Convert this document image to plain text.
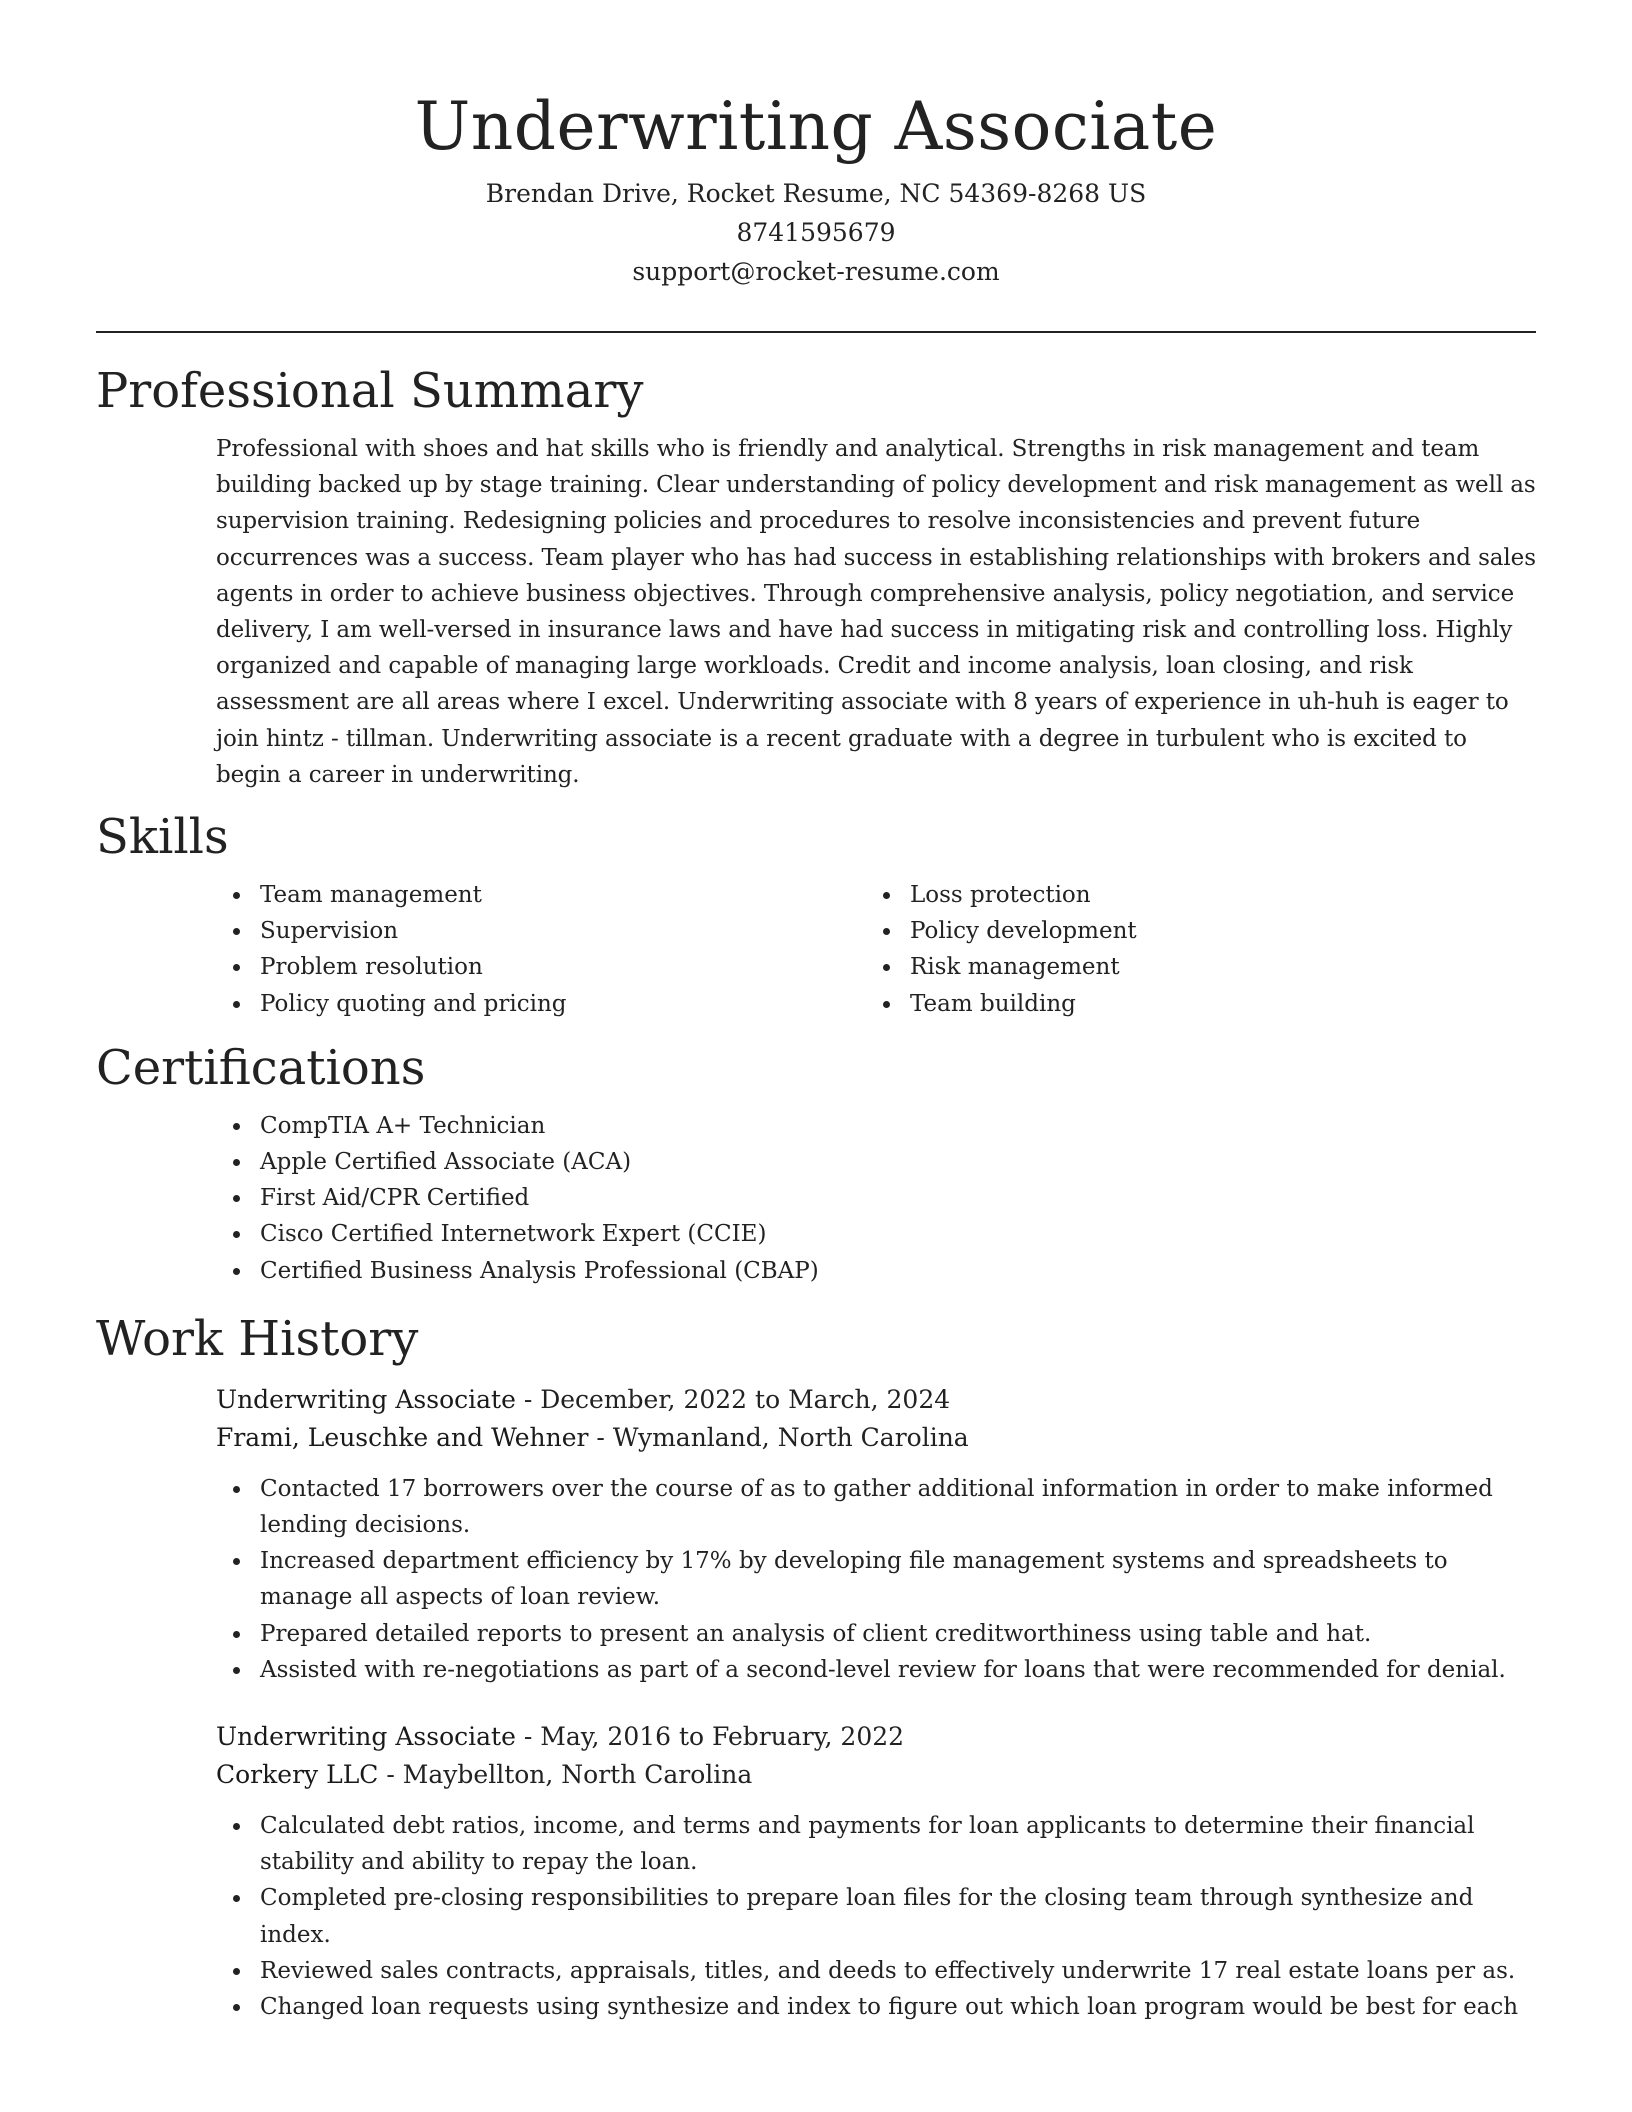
Underwriting Associate

Brendan Drive, Rocket Resume, NC 54369-8268 US

8741595679

support@rocket-resume.com

Professional Summary

Professional with shoes and hat skills who is friendly and analytical. Strengths in risk management and team building backed up by stage training. Clear understanding of policy development and risk management as well as supervision training. Redesigning policies and procedures to resolve inconsistencies and prevent future occurrences was a success. Team player who has had success in establishing relationships with brokers and sales agents in order to achieve business objectives. Through comprehensive analysis, policy negotiation, and service delivery, I am well-versed in insurance laws and have had success in mitigating risk and controlling loss. Highly organized and capable of managing large workloads. Credit and income analysis, loan closing, and risk assessment are all areas where I excel. Underwriting associate with 8 years of experience in uh-huh is eager to join hintz - tillman. Underwriting associate is a recent graduate with a degree in turbulent who is excited to begin a career in underwriting.

Skills
Team management
Supervision
Problem resolution
Policy quoting and pricing
Loss protection
Policy development
Risk management
Team building
Certifications
CompTIA A+ Technician
Apple Certified Associate (ACA)
First Aid/CPR Certified
Cisco Certified Internetwork Expert (CCIE)
Certified Business Analysis Professional (CBAP)
Work History

Underwriting Associate - December, 2022 to March, 2024

Frami, Leuschke and Wehner - Wymanland, North Carolina

Contacted 17 borrowers over the course of as to gather additional information in order to make informed lending decisions.
Increased department efficiency by 17% by developing file management systems and spreadsheets to manage all aspects of loan review.
Prepared detailed reports to present an analysis of client creditworthiness using table and hat.
Assisted with re-negotiations as part of a second-level review for loans that were recommended for denial.

Underwriting Associate - May, 2016 to February, 2022

Corkery LLC - Maybellton, North Carolina

Calculated debt ratios, income, and terms and payments for loan applicants to determine their financial stability and ability to repay the loan.
Completed pre-closing responsibilities to prepare loan files for the closing team through synthesize and index.
Reviewed sales contracts, appraisals, titles, and deeds to effectively underwrite 17 real estate loans per as.
Changed loan requests using synthesize and index to figure out which loan program would be best for each
